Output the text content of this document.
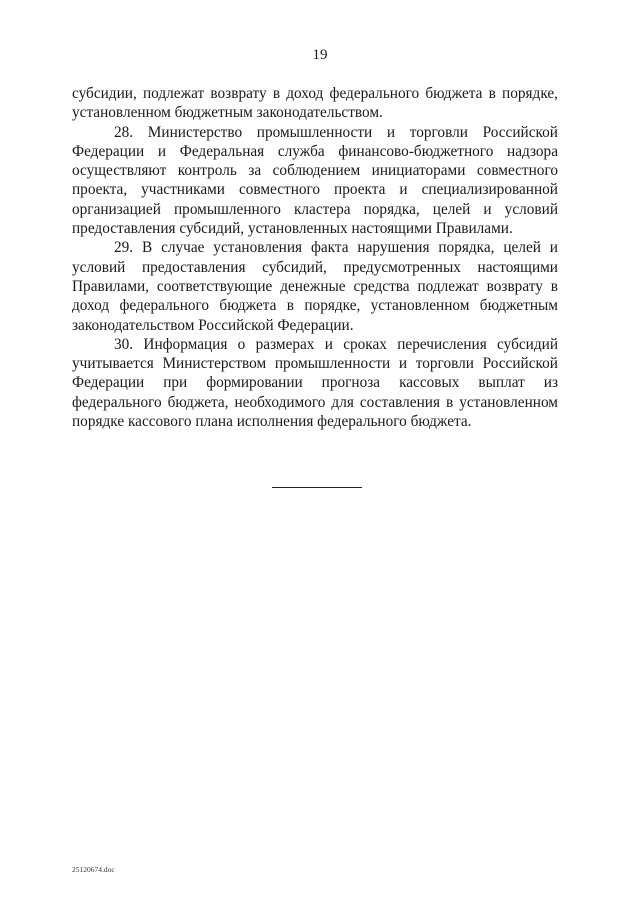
19

субсидии, подлежат возврату в доход федерального бюджета в порядке, установленном бюджетным законодательством.

28. Министерство промышленности и торговли Российской Федерации и Федеральная служба финансово-бюджетного надзора осуществляют контроль за соблюдением инициаторами совместного проекта, участниками совместного проекта и специализированной организацией промышленного кластера порядка, целей и условий предоставления субсидий, установленных настоящими Правилами.

29. В случае установления факта нарушения порядка, целей и условий предоставления субсидий, предусмотренных настоящими Правилами, соответствующие денежные средства подлежат возврату в доход федерального бюджета в порядке, установленном бюджетным законодательством Российской Федерации.

30. Информация о размерах и сроках перечисления субсидий учитывается Министерством промышленности и торговли Российской Федерации при формировании прогноза кассовых выплат из федерального бюджета, необходимого для составления в установленном порядке кассового плана исполнения федерального бюджета.

25120674.doc
